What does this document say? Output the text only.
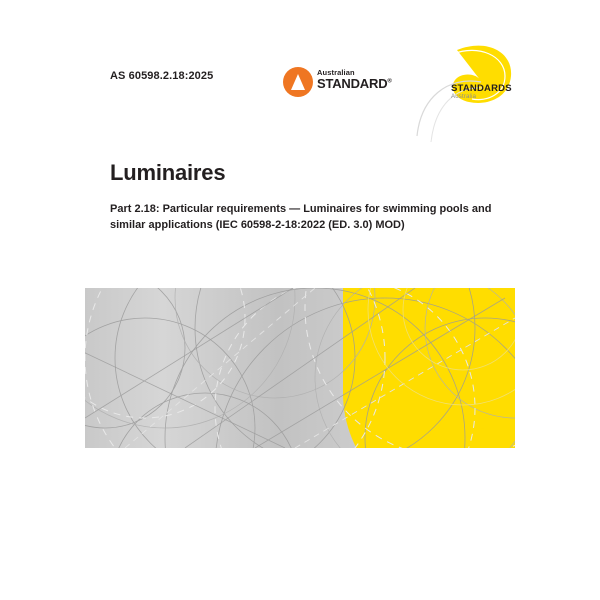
AS 60598.2.18:2025	Australian
STANDARD®
STANDARDS
Australia
Luminaires

Part 2.18: Particular requirements — Luminaires for swimming pools and similar applications (IEC 60598-2-18:2022 (ED. 3.0) MOD)
